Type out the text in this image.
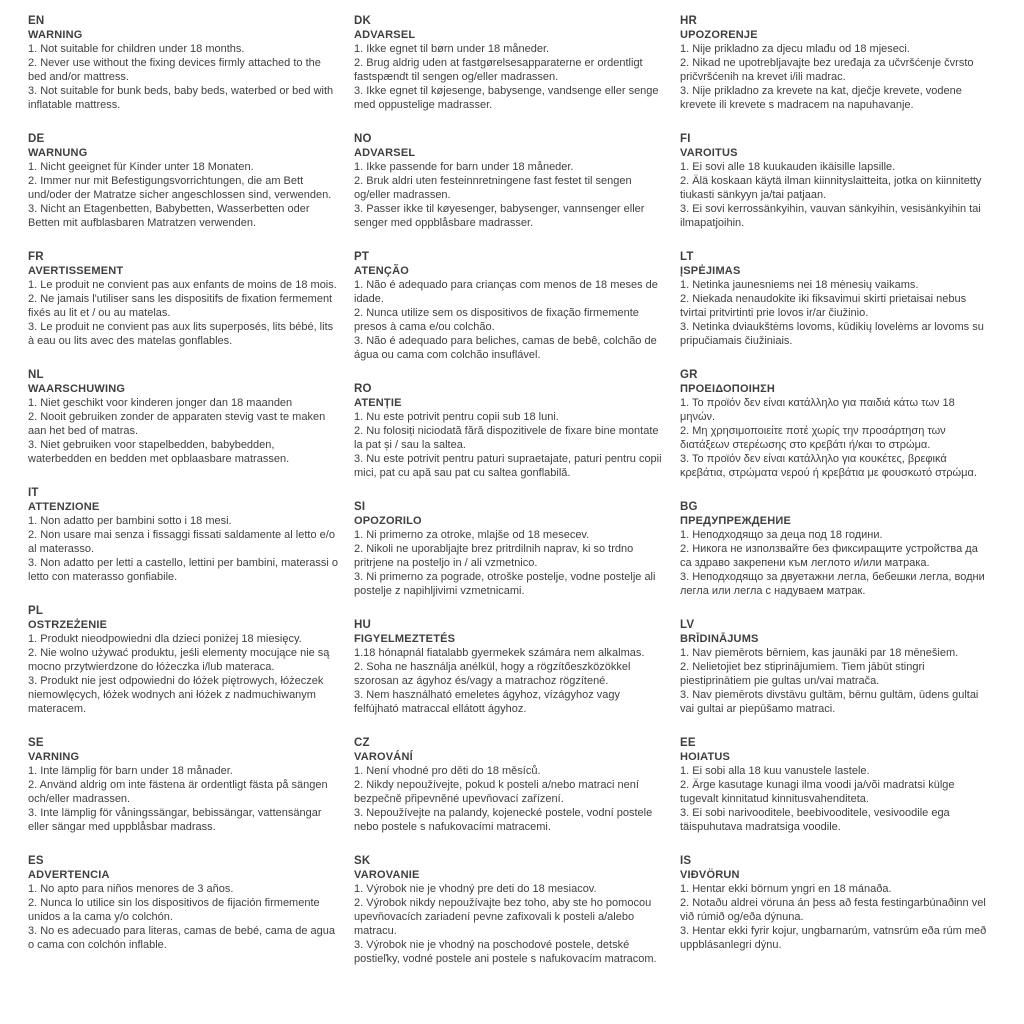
EN
WARNING
1. Not suitable for children under 18 months.
2. Never use without the fixing devices firmly attached to the bed and/or mattress.
3. Not suitable for bunk beds, baby beds, waterbed or bed with inflatable mattress.
DE
WARNUNG
1. Nicht geeignet für Kinder unter 18 Monaten.
2. Immer nur mit Befestigungsvorrichtungen, die am Bett und/oder der Matratze sicher angeschlossen sind, verwenden.
3. Nicht an Etagenbetten, Babybetten, Wasserbetten oder Betten mit aufblasbaren Matratzen verwenden.
FR
AVERTISSEMENT
1. Le produit ne convient pas aux enfants de moins de 18 mois.
2. Ne jamais l'utiliser sans les dispositifs de fixation fermement fixés au lit et / ou au matelas.
3. Le produit ne convient pas aux lits superposés, lits bébé, lits à eau ou lits avec des matelas gonflables.
NL
WAARSCHUWING
1. Niet geschikt voor kinderen jonger dan 18 maanden
2. Nooit gebruiken zonder de apparaten stevig vast te maken aan het bed of matras.
3. Niet gebruiken voor stapelbedden, babybedden, waterbedden en bedden met opblaasbare matrassen.
IT
ATTENZIONE
1. Non adatto per bambini sotto i 18 mesi.
2. Non usare mai senza i fissaggi fissati saldamente al letto e/o al materasso.
3. Non adatto per letti a castello, lettini per bambini, materassi o letto con materasso gonfiabile.
PL
OSTRZEŻENIE
1. Produkt nieodpowiedni dla dzieci poniżej 18 miesięcy.
2. Nie wolno używać produktu, jeśli elementy mocujące nie są mocno przytwierdzone do łóżeczka i/lub materaca.
3. Produkt nie jest odpowiedni do łóżek piętrowych, łóżeczek niemowlęcych, łóżek wodnych ani łóżek z nadmuchiwanym materacem.
SE
VARNING
1. Inte lämplig för barn under 18 månader.
2. Använd aldrig om inte fästena är ordentligt fästa på sängen och/eller madrassen.
3. Inte lämplig för våningssängar, bebissängar, vattensängar eller sängar med uppblåsbar madrass.
ES
ADVERTENCIA
1. No apto para niños menores de 3 años.
2. Nunca lo utilice sin los dispositivos de fijación firmemente unidos a la cama y/o colchón.
3. No es adecuado para literas, camas de bebé, cama de agua o cama con colchón inflable.
DK
ADVARSEL
1. Ikke egnet til børn under 18 måneder.
2. Brug aldrig uden at fastgørelsesapparaterne er ordentligt fastspændt til sengen og/eller madrassen.
3. Ikke egnet til køjesenge, babysenge, vandsenge eller senge med oppustelige madrasser.
NO
ADVARSEL
1. Ikke passende for barn under 18 måneder.
2. Bruk aldri uten festeinnretningene fast festet til sengen og/eller madrassen.
3. Passer ikke til køyesenger, babysenger, vannsenger eller senger med oppblåsbare madrasser.
PT
ATENÇÃO
1. Não é adequado para crianças com menos de 18 meses de idade.
2. Nunca utilize sem os dispositivos de fixação firmemente presos à cama e/ou colchão.
3. Não é adequado para beliches, camas de bebê, colchão de água ou cama com colchão insuflável.
RO
ATENȚIE
1. Nu este potrivit pentru copii sub 18 luni.
2. Nu folosiți niciodată fără dispozitivele de fixare bine montate la pat și / sau la saltea.
3. Nu este potrivit pentru paturi supraetajate, paturi pentru copii mici, pat cu apă sau pat cu saltea gonflabilă.
SI
OPOZORILO
1. Ni primerno za otroke, mlajše od 18 mesecev.
2. Nikoli ne uporabljajte brez pritrdilnih naprav, ki so trdno pritrjene na posteljo in / ali vzmetnico.
3. Ni primerno za pograde, otroške postelje, vodne postelje ali postelje z napihljivimi vzmetnicami.
HU
FIGYELMEZTETÉS
1.18 hónapnál fiatalabb gyermekek számára nem alkalmas.
2. Soha ne használja anélkül, hogy a rögzítőeszközökkel szorosan az ágyhoz és/vagy a matrachoz rögzítené.
3. Nem használható emeletes ágyhoz, vízágyhoz vagy felfújható matraccal ellátott ágyhoz.
CZ
VAROVÁNÍ
1. Není vhodné pro děti do 18 měsíců.
2. Nikdy nepoužívejte, pokud k posteli a/nebo matraci není bezpečně připevněné upevňovací zařízení.
3. Nepoužívejte na palandy, kojenecké postele, vodní postele nebo postele s nafukovacími matracemi.
SK
VAROVANIE
1. Výrobok nie je vhodný pre deti do 18 mesiacov.
2. Výrobok nikdy nepoužívajte bez toho, aby ste ho pomocou upevňovacích zariadení pevne zafixovali k posteli a/alebo matracu.
3. Výrobok nie je vhodný na poschodové postele, detské postieľky, vodné postele ani postele s nafukovacím matracom.
HR
UPOZORENJE
1. Nije prikladno za djecu mlađu od 18 mjeseci.
2. Nikad ne upotrebljavajte bez uređaja za učvršćenje čvrsto pričvršćenih na krevet i/ili madrac.
3. Nije prikladno za krevete na kat, dječje krevete, vodene krevete ili krevete s madracem na napuhavanje.
FI
VAROITUS
1. Ei sovi alle 18 kuukauden ikäisille lapsille.
2. Älä koskaan käytä ilman kiinnityslaitteita, jotka on kiinnitetty tiukasti sänkyyn ja/tai patjaan.
3. Ei sovi kerrossänkyihin, vauvan sänkyihin, vesisänkyihin tai ilmapatjoihin.
LT
ĮSPĖJIMAS
1. Netinka jaunesniems nei 18 mėnesių vaikams.
2. Niekada nenaudokite iki fiksavimui skirti prietaisai nebus tvirtai pritvirtinti prie lovos ir/ar čiužinio.
3. Netinka dviaukštėms lovoms, kūdikių lovelėms ar lovoms su pripučiamais čiužiniais.
GR
ΠΡΟΕΙΔΟΠΟΙΗΣΗ
1. Το προϊόν δεν είναι κατάλληλο για παιδιά κάτω των 18 μηνών.
2. Μη χρησιμοποιείτε ποτέ χωρίς την προσάρτηση των διατάξεων στερέωσης στο κρεβάτι ή/και το στρώμα.
3. Το προϊόν δεν είναι κατάλληλο για κουκέτες, βρεφικά κρεβάτια, στρώματα νερού ή κρεβάτια με φουσκωτό στρώμα.
BG
ПРЕДУПРЕЖДЕНИЕ
1. Неподходящо за деца под 18 години.
2. Никога не използвайте без фиксиращите устройства да са здраво закрепени към леглото и/или матрака.
3. Неподходящо за двуетажни легла, бебешки легла, водни легла или легла с надуваем матрак.
LV
BRĪDINĀJUMS
1. Nav piemērots bērniem, kas jaunāki par 18 mēnešiem.
2. Nelietojiet bez stiprinājumiem. Tiem jābūt stingri piestiprinātiem pie gultas un/vai matrača.
3. Nav piemērots divstāvu gultām, bērnu gultām, ūdens gultai vai gultai ar piepūšamo matraci.
EE
HOIATUS
1. Ei sobi alla 18 kuu vanustele lastele.
2. Ärge kasutage kunagi ilma voodi ja/või madratsi külge tugevalt kinnitatud kinnitusvahenditeta.
3. Ei sobi narivooditele, beebivooditele, vesivoodile ega täispuhutava madratsiga voodile.
IS
VIÐVÖRUN
1. Hentar ekki börnum yngri en 18 mánaða.
2. Notaðu aldrei vöruna án þess að festa festingarbúnaðinn vel við rúmið og/eða dýnuna.
3. Hentar ekki fyrir kojur, ungbarnarúm, vatnsrúm eða rúm með uppblásanlegri dýnu.
